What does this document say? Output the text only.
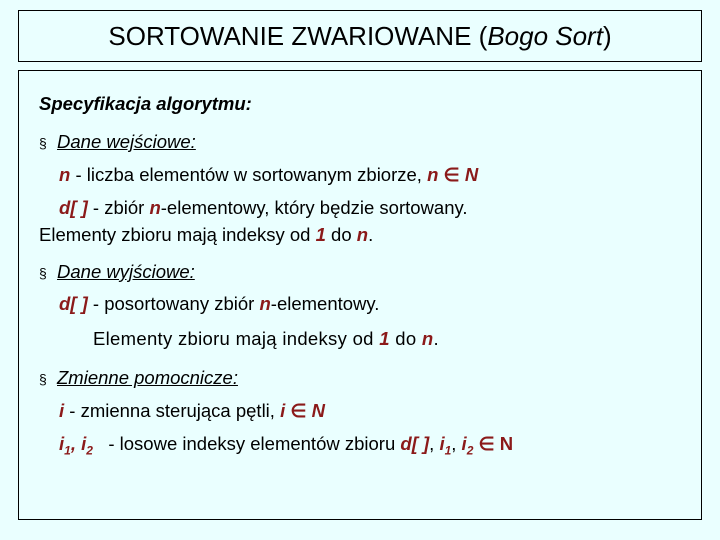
SORTOWANIE ZWARIOWANE ( Bogo Sort )
Specyfikacja algorytmu:
§ Dane wejściowe:
n - liczba elementów w sortowanym zbiorze, n ∈ N
d[ ] - zbiór n-elementowy, który będzie sortowany.
Elementy zbioru mają indeksy od 1 do n.
§ Dane wyjściowe:
d[ ] - posortowany zbiór n-elementowy.
Elementy zbioru mają indeksy od 1 do n.
§ Zmienne pomocnicze:
i - zmienna sterująca pętli, i ∈ N
$i_1$, $i_2$   - losowe indeksy elementów zbioru d[ ], $i_1$, $i_2$ ∈ N
